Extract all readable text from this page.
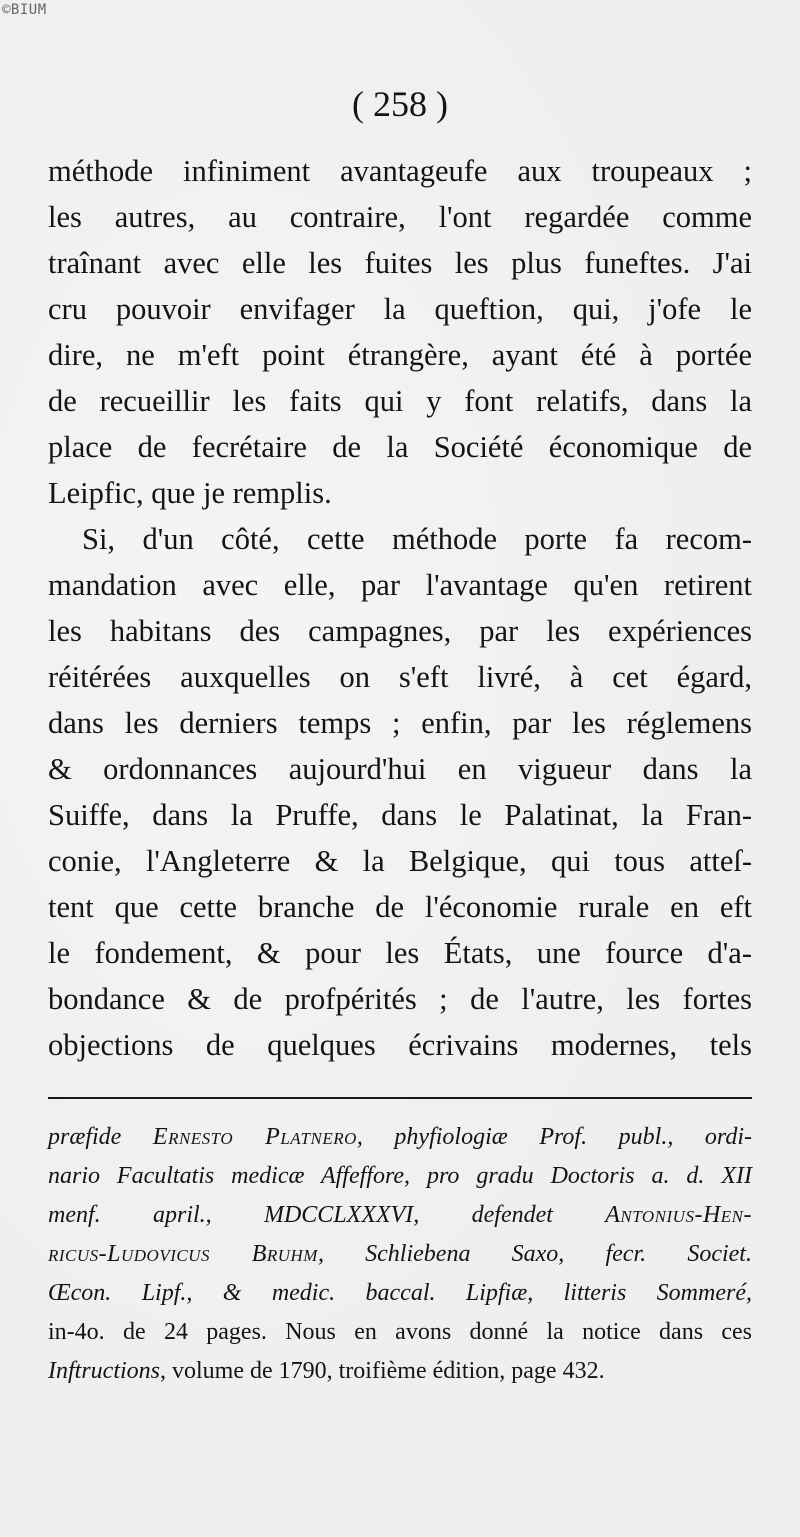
©BIUM
( 258 )
méthode infiniment avantageufe aux troupeaux ;
les autres, au contraire, l'ont regardée comme
traînant avec elle les fuites les plus funeftes. J'ai
cru pouvoir envifager la queftion, qui, j'ofe le
dire, ne m'eft point étrangère, ayant été à portée
de recueillir les faits qui y font relatifs, dans la
place de fecrétaire de la Société économique de
Leipfic, que je remplis.
Si, d'un côté, cette méthode porte fa recom-
mandation avec elle, par l'avantage qu'en retirent
les habitans des campagnes, par les expériences
réitérées auxquelles on s'eft livré, à cet égard,
dans les derniers temps ; enfin, par les réglemens
& ordonnances aujourd'hui en vigueur dans la
Suiffe, dans la Pruffe, dans le Palatinat, la Fran-
conie, l'Angleterre & la Belgique, qui tous atteſ-
tent que cette branche de l'économie rurale en eft
le fondement, & pour les États, une fource d'a-
bondance & de profpérités ; de l'autre, les fortes
objections de quelques écrivains modernes, tels
præfide Ernesto Platnero, phyfiologiæ Prof. publ., ordi-
nario Facultatis medicæ Affeffore, pro gradu Doctoris a. d. XII
menf. april., MDCCLXXXVI, defendet Antonius-Hen-
ricus-Ludovicus Bruhm, Schliebena Saxo, fecr. Societ.
Œcon. Lipf., & medic. baccal. Lipfiæ, litteris Sommeré,
in-4o. de 24 pages. Nous en avons donné la notice dans ces
Inftructions, volume de 1790, troifième édition, page 432.
